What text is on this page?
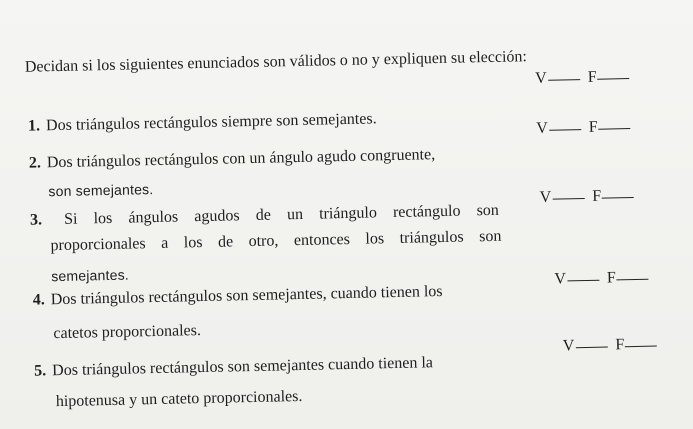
Decidan si los siguientes enunciados son válidos o no y expliquen su elección:

V	F

1. Dos triángulos rectángulos siempre son semejantes.	V	F

2. Dos triángulos rectángulos con un ángulo agudo congruente,

son semejantes.	V	F
3. Si los ángulos agudos de un triángulo rectángulo son
proporcionales a los de otro, entonces los triángulos son

semejantes.	V	F

4. Dos triángulos rectángulos son semejantes, cuando tienen los

catetos proporcionales.

V	F

5. Dos triángulos rectángulos son semejantes cuando tienen la

hipotenusa y un cateto proporcionales.
